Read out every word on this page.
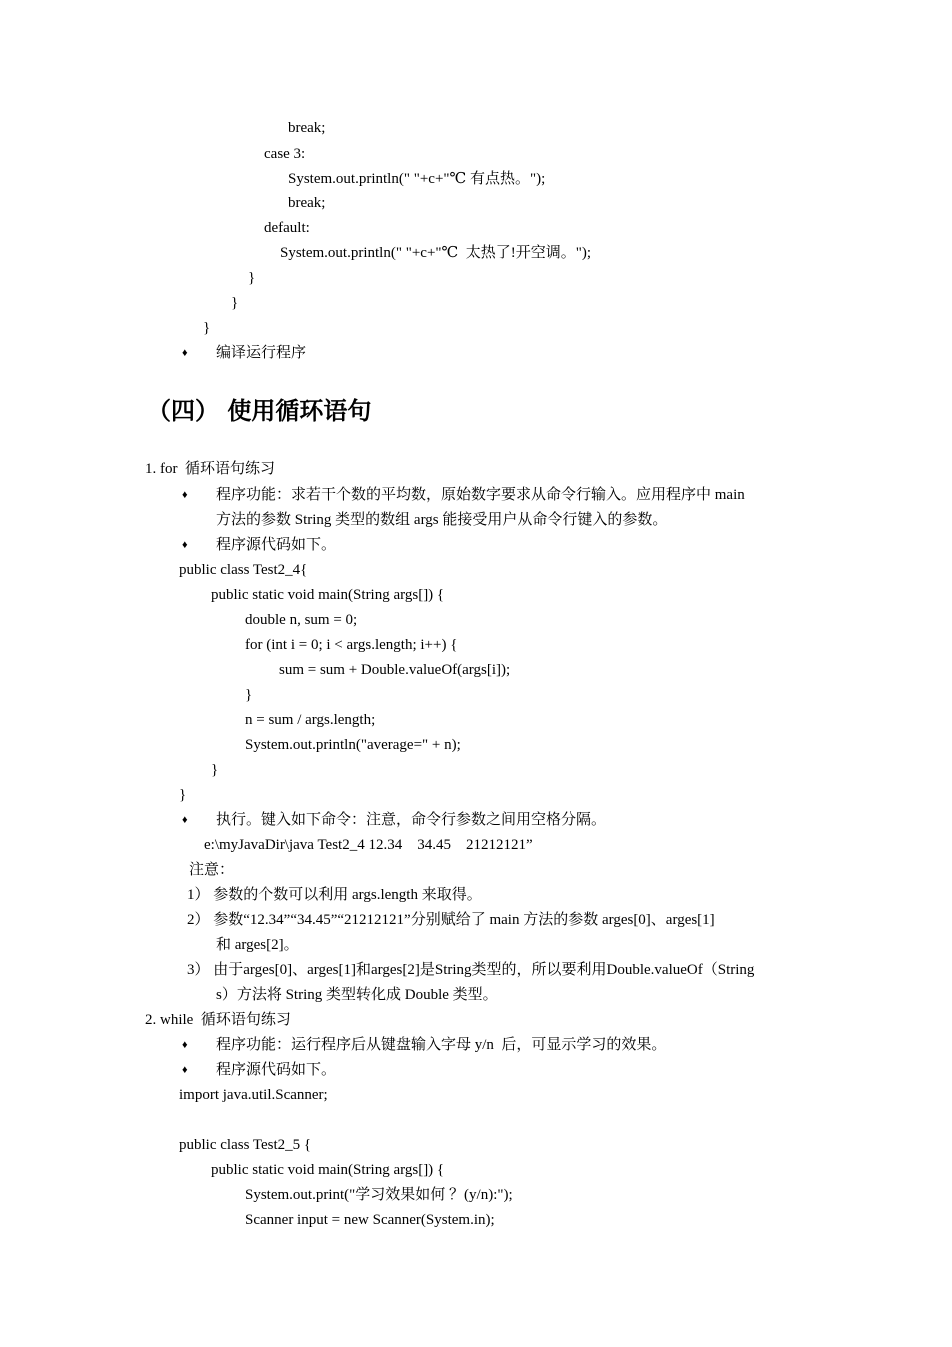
break;
case 3:
System.out.println(" "+c+"℃ 有点热。");
break;
default:
System.out.println(" "+c+"℃  太热了!开空调。");
}
}
}
♦ 编译运行程序
（四） 使用循环语句
1. for  循环语句练习
♦ 程序功能：求若干个数的平均数，原始数字要求从命令行输入。应用程序中 main
方法的参数 String 类型的数组 args 能接受用户从命令行键入的参数。
♦ 程序源代码如下。
public class Test2_4{
public static void main(String args[]) {
double n, sum = 0;
for (int i = 0; i < args.length; i++) {
sum = sum + Double.valueOf(args[i]);
}
n = sum / args.length;
System.out.println("average=" + n);
}
}
♦ 执行。键入如下命令：注意，命令行参数之间用空格分隔。
e:\myJavaDir\java Test2_4 12.34    34.45    21212121”
注意：
1） 参数的个数可以利用 args.length 来取得。
2） 参数“12.34”“34.45”“21212121”分别赋给了 main 方法的参数 arges[0]、arges[1]
和 arges[2]。
3） 由于arges[0]、arges[1]和arges[2]是String类型的，所以要利用Double.valueOf（String
s）方法将 String 类型转化成 Double 类型。
2. while  循环语句练习
♦ 程序功能：运行程序后从键盘输入字母 y/n  后，可显示学习的效果。
♦ 程序源代码如下。
import java.util.Scanner;
public class Test2_5 {
public static void main(String args[]) {
System.out.print("学习效果如何 ？(y/n):");
Scanner input = new Scanner(System.in);
